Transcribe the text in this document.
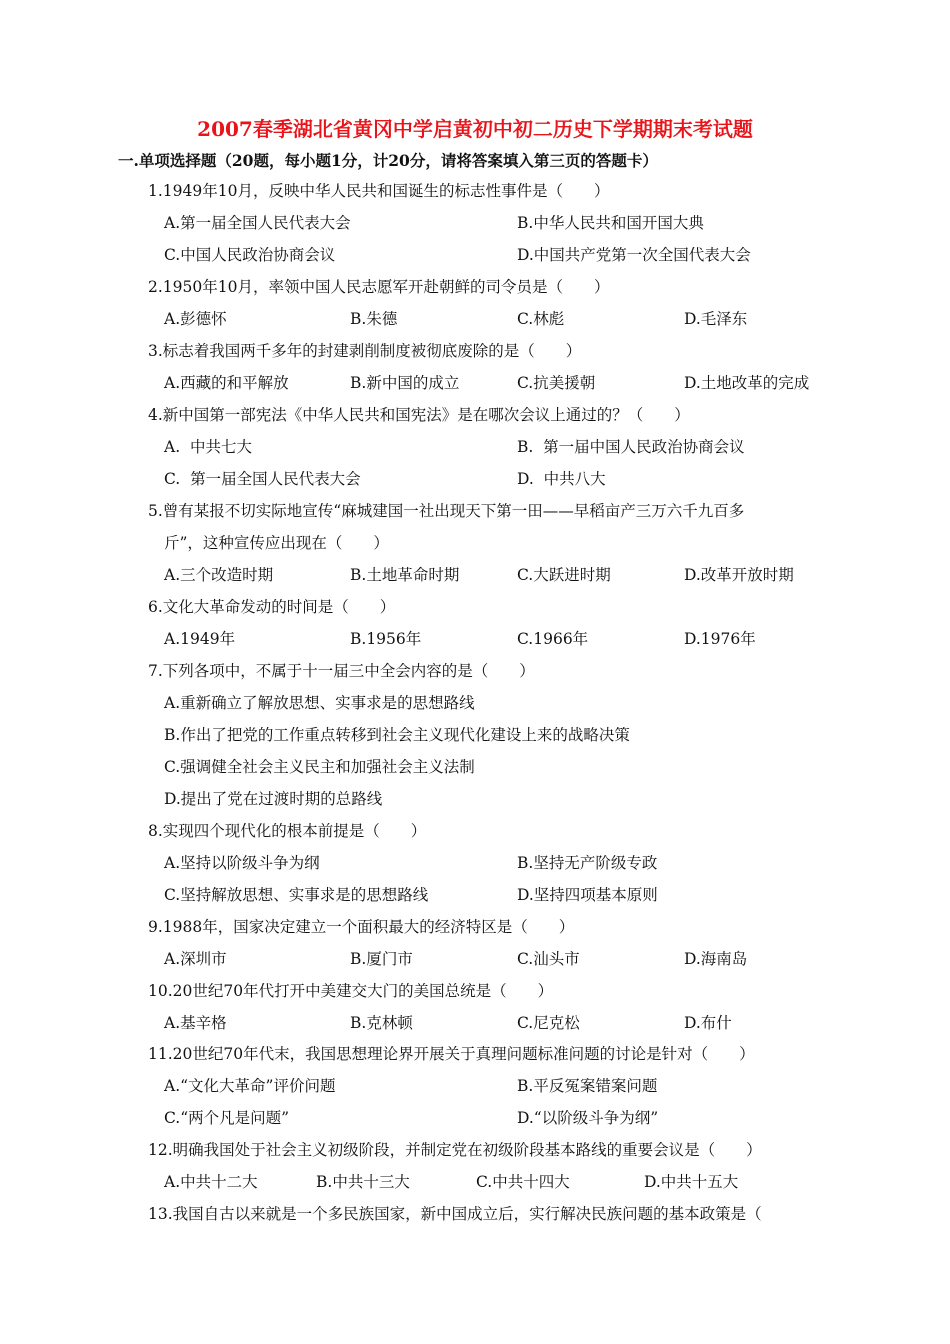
2007春季湖北省黄冈中学启黄初中初二历史下学期期末考试题
一.单项选择题（20题，每小题1分，计20分，请将答案填入第三页的答题卡）
1.1949年10月，反映中华人民共和国诞生的标志性事件是（　　）
A.第一届全国人民代表大会	B.中华人民共和国开国大典
C.中国人民政治协商会议	D.中国共产党第一次全国代表大会
2.1950年10月，率领中国人民志愿军开赴朝鲜的司令员是（　　）
A.彭德怀	B.朱德	C.林彪	D.毛泽东
3.标志着我国两千多年的封建剥削制度被彻底废除的是（　　）
A.西藏的和平解放	B.新中国的成立	C.抗美援朝	D.土地改革的完成
4.新中国第一部宪法《中华人民共和国宪法》是在哪次会议上通过的？（　　）
A.  中共七大	B.  第一届中国人民政治协商会议
C.  第一届全国人民代表大会	D.  中共八大
5.曾有某报不切实际地宣传“麻城建国一社出现天下第一田——早稻亩产三万六千九百多
斤”，这种宣传应出现在（　　）
A.三个改造时期	B.土地革命时期	C.大跃进时期	D.改革开放时期
6.文化大革命发动的时间是（　　）
A.1949年	B.1956年	C.1966年	D.1976年
7.下列各项中，不属于十一届三中全会内容的是（　　）
A.重新确立了解放思想、实事求是的思想路线
B.作出了把党的工作重点转移到社会主义现代化建设上来的战略决策
C.强调健全社会主义民主和加强社会主义法制
D.提出了党在过渡时期的总路线
8.实现四个现代化的根本前提是（　　）
A.坚持以阶级斗争为纲	B.坚持无产阶级专政
C.坚持解放思想、实事求是的思想路线	D.坚持四项基本原则
9.1988年，国家决定建立一个面积最大的经济特区是（　　）
A.深圳市	B.厦门市	C.汕头市	D.海南岛
10.20世纪70年代打开中美建交大门的美国总统是（　　）
A.基辛格	B.克林顿	C.尼克松	D.布什
11.20世纪70年代末，我国思想理论界开展关于真理问题标准问题的讨论是针对（　　）
A.“文化大革命”评价问题	B.平反冤案错案问题
C.“两个凡是问题”	D.“以阶级斗争为纲”
12.明确我国处于社会主义初级阶段，并制定党在初级阶段基本路线的重要会议是（　　）
A.中共十二大	B.中共十三大	C.中共十四大	D.中共十五大
13.我国自古以来就是一个多民族国家，新中国成立后，实行解决民族问题的基本政策是（
